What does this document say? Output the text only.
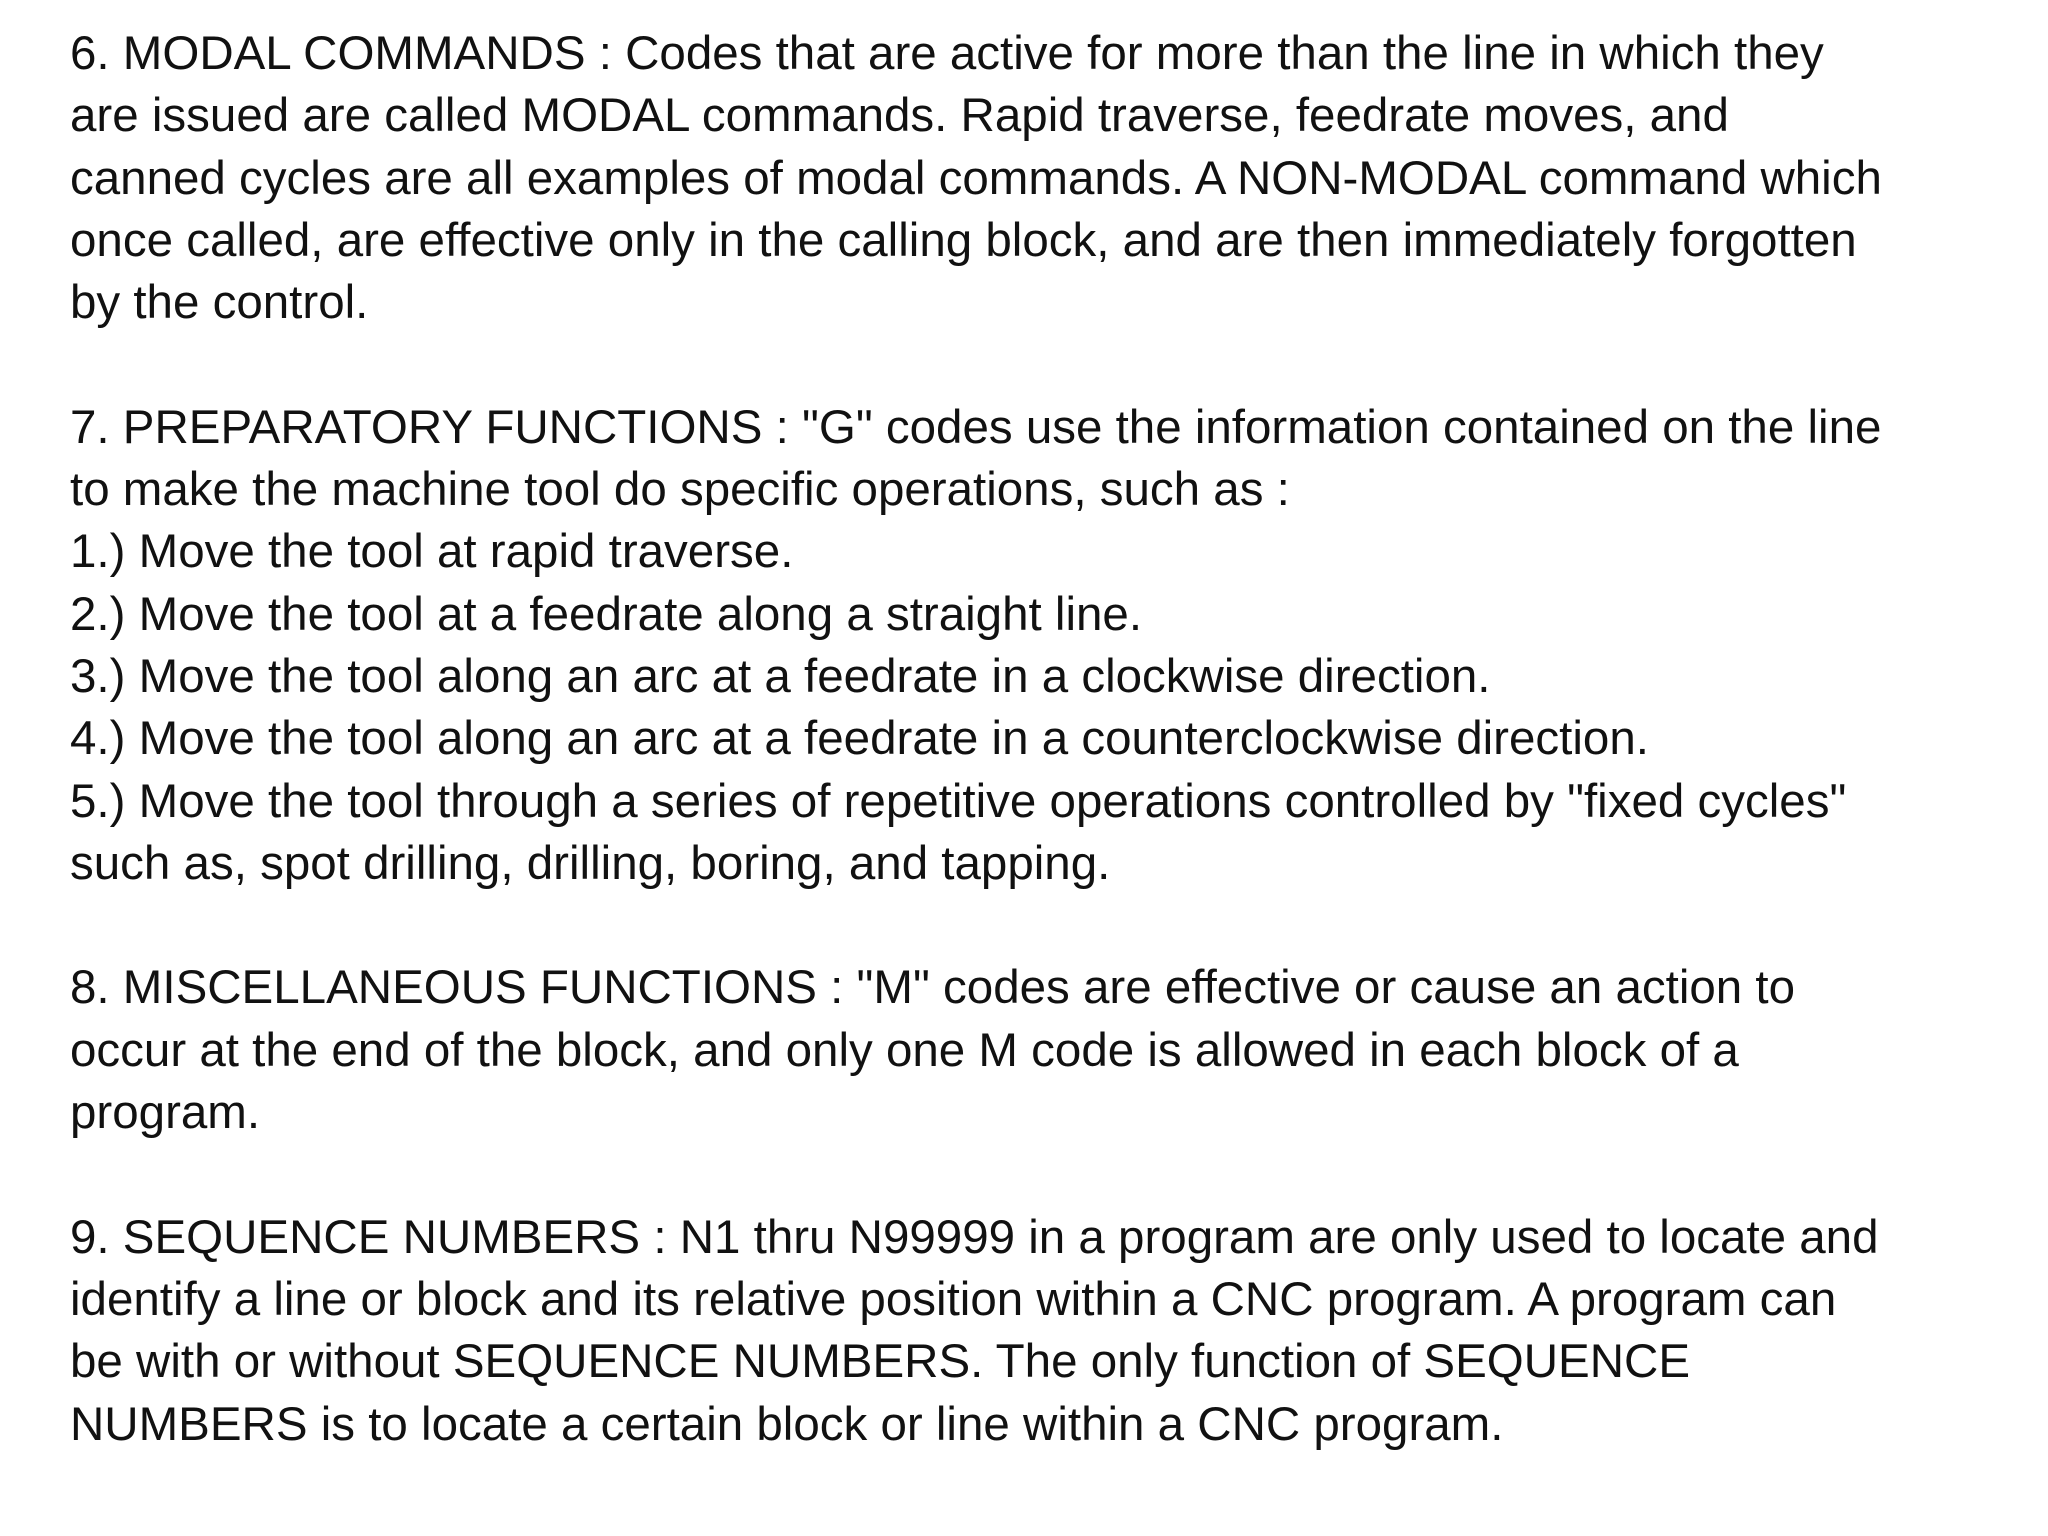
6. MODAL COMMANDS : Codes that are active for more than the line in which they
are issued are called MODAL commands. Rapid traverse, feedrate moves, and
canned cycles are all examples of modal commands. A NON-MODAL command which
once called, are effective only in the calling block, and are then immediately forgotten
by the control.
7. PREPARATORY FUNCTIONS : "G" codes use the information contained on the line
to make the machine tool do specific operations, such as :
1.) Move the tool at rapid traverse.
2.) Move the tool at a feedrate along a straight line.
3.) Move the tool along an arc at a feedrate in a clockwise direction.
4.) Move the tool along an arc at a feedrate in a counterclockwise direction.
5.) Move the tool through a series of repetitive operations controlled by "fixed cycles"
such as, spot drilling, drilling, boring, and tapping.
8. MISCELLANEOUS FUNCTIONS : "M" codes are effective or cause an action to
occur at the end of the block, and only one M code is allowed in each block of a
program.
9. SEQUENCE NUMBERS : N1 thru N99999 in a program are only used to locate and
identify a line or block and its relative position within a CNC program. A program can
be with or without SEQUENCE NUMBERS. The only function of SEQUENCE
NUMBERS is to locate a certain block or line within a CNC program.
